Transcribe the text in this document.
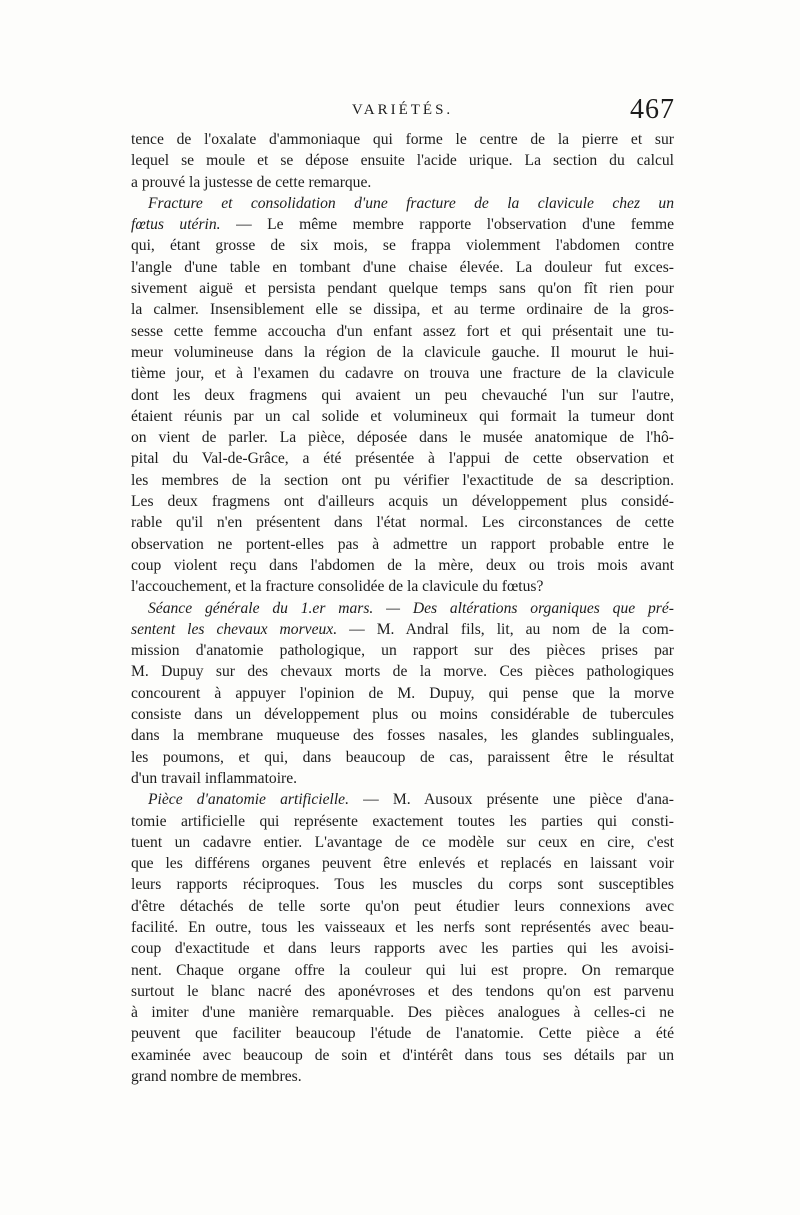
VARIÉTÉS.	467
tence de l'oxalate d'ammoniaque qui forme le centre de la pierre et sur
lequel se moule et se dépose ensuite l'acide urique. La section du calcul
a prouvé la justesse de cette remarque.
Fracture et consolidation d'une fracture de la clavicule chez un
fœtus utérin. — Le même membre rapporte l'observation d'une femme
qui, étant grosse de six mois, se frappa violemment l'abdomen contre
l'angle d'une table en tombant d'une chaise élevée. La douleur fut exces-
sivement aiguë et persista pendant quelque temps sans qu'on fît rien pour
la calmer. Insensiblement elle se dissipa, et au terme ordinaire de la gros-
sesse cette femme accoucha d'un enfant assez fort et qui présentait une tu-
meur volumineuse dans la région de la clavicule gauche. Il mourut le hui-
tième jour, et à l'examen du cadavre on trouva une fracture de la clavicule
dont les deux fragmens qui avaient un peu chevauché l'un sur l'autre,
étaient réunis par un cal solide et volumineux qui formait la tumeur dont
on vient de parler. La pièce, déposée dans le musée anatomique de l'hô-
pital du Val-de-Grâce, a été présentée à l'appui de cette observation et
les membres de la section ont pu vérifier l'exactitude de sa description.
Les deux fragmens ont d'ailleurs acquis un développement plus considé-
rable qu'il n'en présentent dans l'état normal. Les circonstances de cette
observation ne portent-elles pas à admettre un rapport probable entre le
coup violent reçu dans l'abdomen de la mère, deux ou trois mois avant
l'accouchement, et la fracture consolidée de la clavicule du fœtus?
Séance générale du 1.er mars. — Des altérations organiques que pré-
sentent les chevaux morveux. — M. Andral fils, lit, au nom de la com-
mission d'anatomie pathologique, un rapport sur des pièces prises par
M. Dupuy sur des chevaux morts de la morve. Ces pièces pathologiques
concourent à appuyer l'opinion de M. Dupuy, qui pense que la morve
consiste dans un développement plus ou moins considérable de tubercules
dans la membrane muqueuse des fosses nasales, les glandes sublinguales,
les poumons, et qui, dans beaucoup de cas, paraissent être le résultat
d'un travail inflammatoire.
Pièce d'anatomie artificielle. — M. Ausoux présente une pièce d'ana-
tomie artificielle qui représente exactement toutes les parties qui consti-
tuent un cadavre entier. L'avantage de ce modèle sur ceux en cire, c'est
que les différens organes peuvent être enlevés et replacés en laissant voir
leurs rapports réciproques. Tous les muscles du corps sont susceptibles
d'être détachés de telle sorte qu'on peut étudier leurs connexions avec
facilité. En outre, tous les vaisseaux et les nerfs sont représentés avec beau-
coup d'exactitude et dans leurs rapports avec les parties qui les avoisi-
nent. Chaque organe offre la couleur qui lui est propre. On remarque
surtout le blanc nacré des aponévroses et des tendons qu'on est parvenu
à imiter d'une manière remarquable. Des pièces analogues à celles-ci ne
peuvent que faciliter beaucoup l'étude de l'anatomie. Cette pièce a été
examinée avec beaucoup de soin et d'intérêt dans tous ses détails par un
grand nombre de membres.
